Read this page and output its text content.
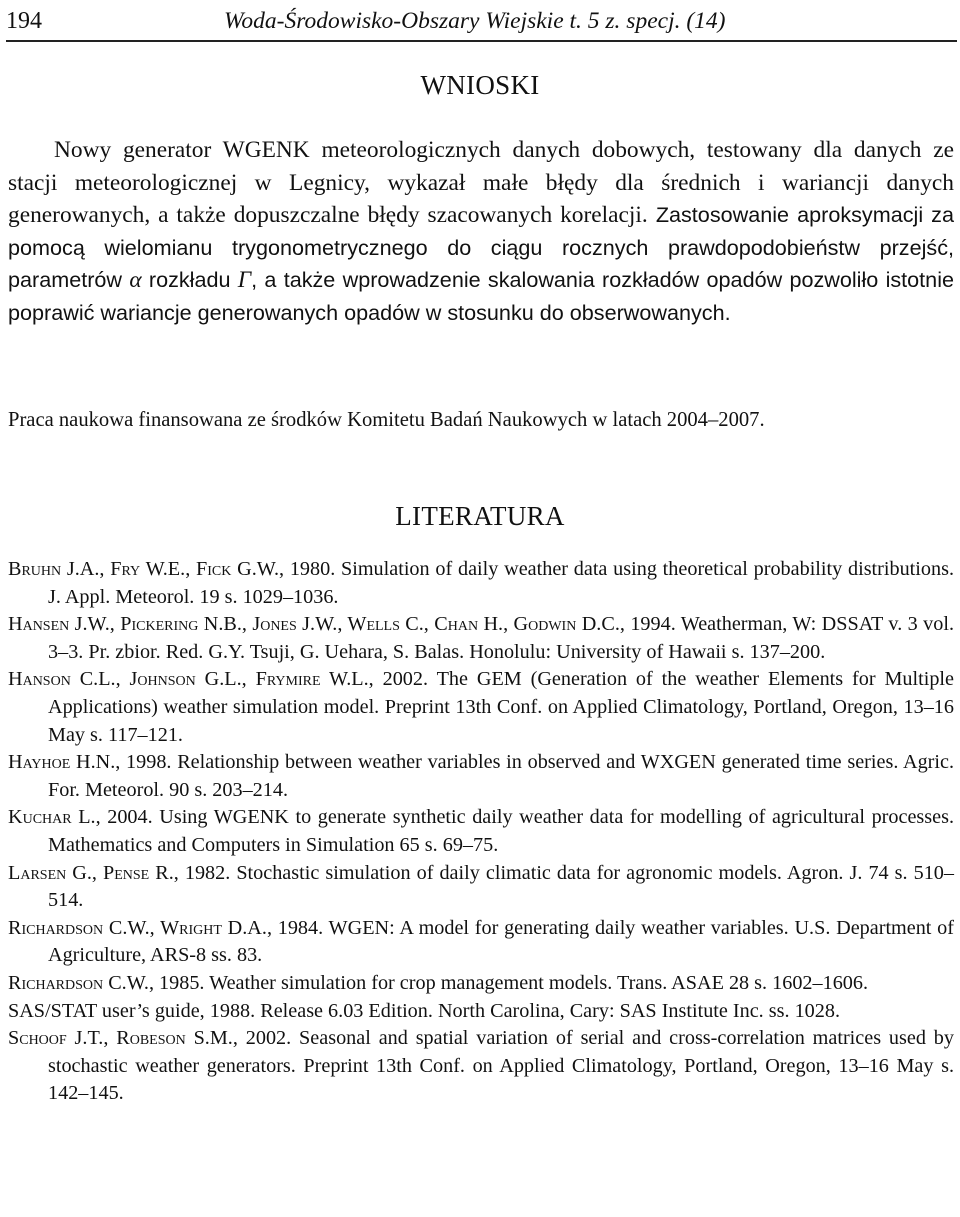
194	Woda-Środowisko-Obszary Wiejskie t. 5 z. specj. (14)
WNIOSKI

Nowy generator WGENK meteorologicznych danych dobowych, testowany dla danych ze stacji meteorologicznej w Legnicy, wykazał małe błędy dla średnich i wariancji danych generowanych, a także dopuszczalne błędy szacowanych korelacji. Zastosowanie aproksymacji za pomocą wielomianu trygonometrycznego do ciągu rocznych prawdopodobieństw przejść, parametrów α rozkładu Γ, a także wprowadzenie skalowania rozkładów opadów pozwoliło istotnie poprawić wariancje generowanych opadów w stosunku do obserwowanych.

Praca naukowa finansowana ze środków Komitetu Badań Naukowych w latach 2004–2007.
LITERATURA

Bruhn J.A., Fry W.E., Fick G.W., 1980. Simulation of daily weather data using theoretical probability distributions. J. Appl. Meteorol. 19 s. 1029–1036.

Hansen J.W., Pickering N.B., Jones J.W., Wells C., Chan H., Godwin D.C., 1994. Weatherman, W: DSSAT v. 3 vol. 3–3. Pr. zbior. Red. G.Y. Tsuji, G. Uehara, S. Balas. Honolulu: University of Hawaii s. 137–200.

Hanson C.L., Johnson G.L., Frymire W.L., 2002. The GEM (Generation of the weather Elements for Multiple Applications) weather simulation model. Preprint 13th Conf. on Applied Climatology, Portland, Oregon, 13–16 May s. 117–121.

Hayhoe H.N., 1998. Relationship between weather variables in observed and WXGEN generated time series. Agric. For. Meteorol. 90 s. 203–214.

Kuchar L., 2004. Using WGENK to generate synthetic daily weather data for modelling of agricultural processes. Mathematics and Computers in Simulation 65 s. 69–75.

Larsen G., Pense R., 1982. Stochastic simulation of daily climatic data for agronomic models. Agron. J. 74 s. 510–514.

Richardson C.W., Wright D.A., 1984. WGEN: A model for generating daily weather variables. U.S. Department of Agriculture, ARS-8 ss. 83.

Richardson C.W., 1985. Weather simulation for crop management models. Trans. ASAE 28 s. 1602–1606.

SAS/STAT user’s guide, 1988. Release 6.03 Edition. North Carolina, Cary: SAS Institute Inc. ss. 1028.

Schoof J.T., Robeson S.M., 2002. Seasonal and spatial variation of serial and cross-correlation matrices used by stochastic weather generators. Preprint 13th Conf. on Applied Climatology, Portland, Oregon, 13–16 May s. 142–145.
